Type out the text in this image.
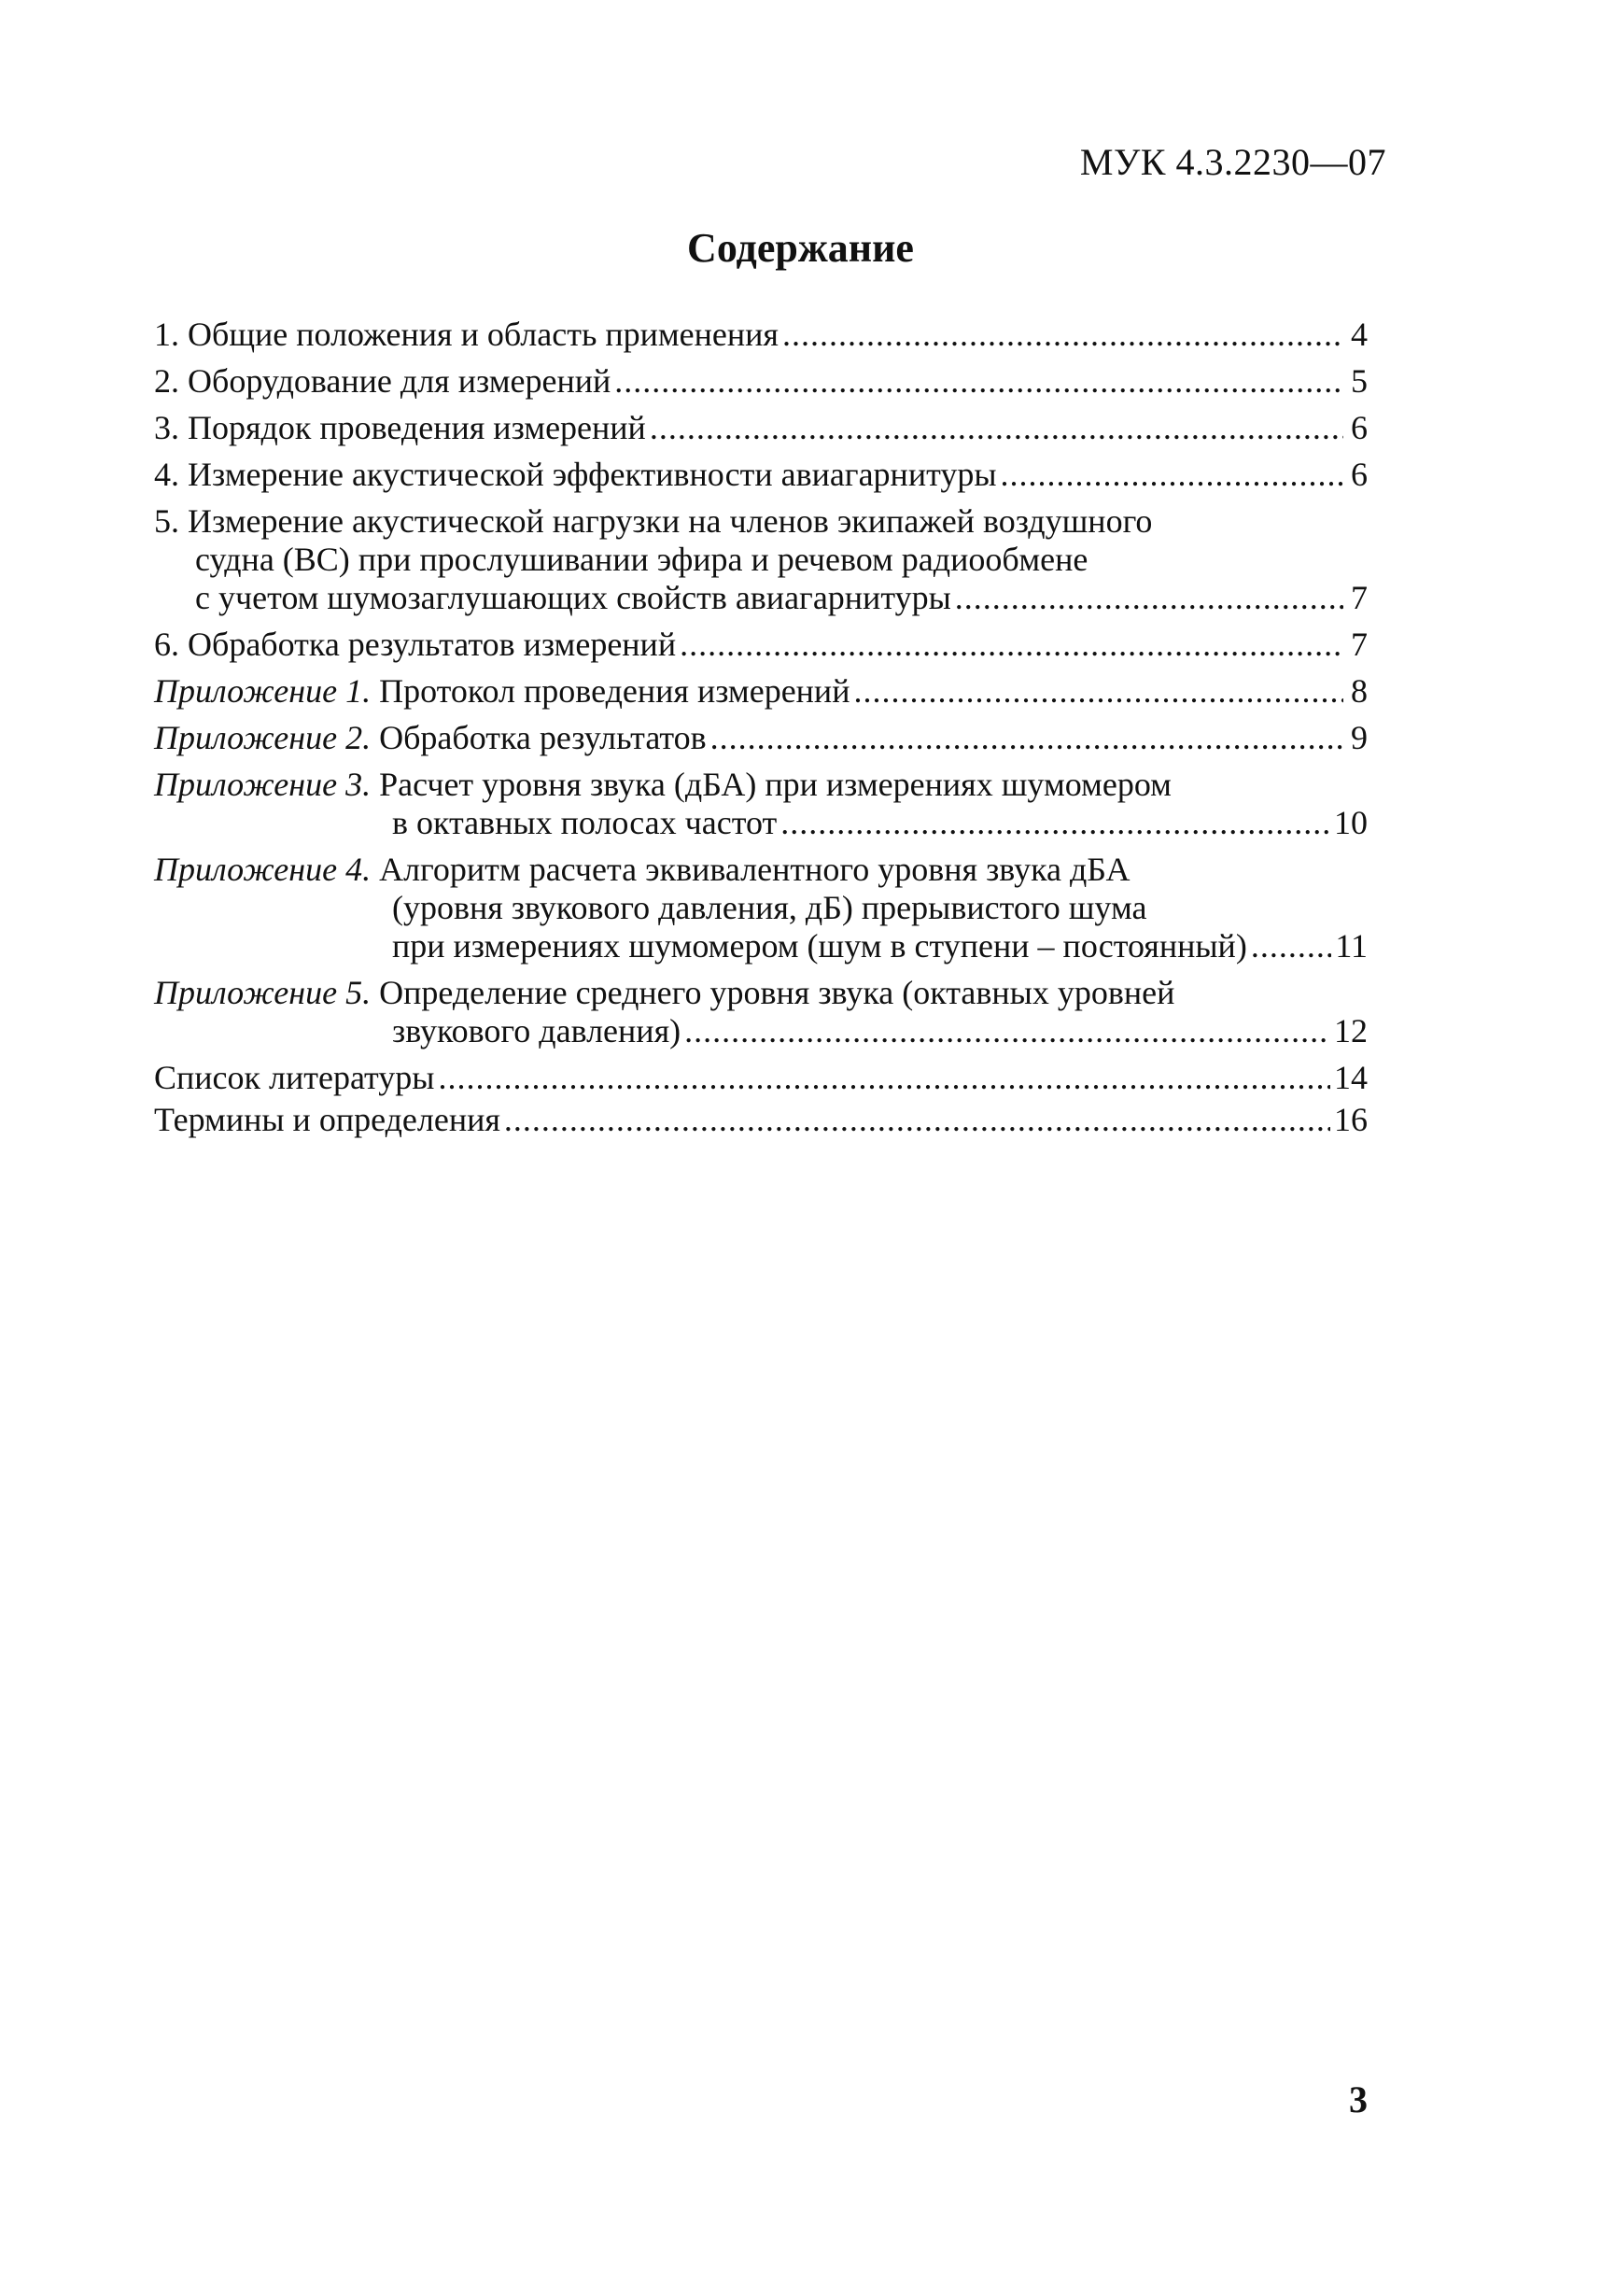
МУК 4.3.2230—07
Содержание
1. Общие положения и область применения .....	4
2. Оборудование для измерений .....	5
3. Порядок проведения измерений .....	6
4. Измерение акустической эффективности авиагарнитуры .....	6
5. Измерение акустической нагрузки на членов экипажей воздушного
судна (ВС) при прослушивании эфира и речевом радиообмене
с учетом шумозаглушающих свойств авиагарнитуры .....	7
6. Обработка результатов измерений .....	7
Приложение 1.
Протокол проведения измерений .....	8
Приложение 2.
Обработка результатов .....	9
Приложение 3.
Расчет уровня звука (дБА) при измерениях шумомером
в октавных полосах частот .....	10
Приложение 4.
Алгоритм расчета эквивалентного уровня звука дБА
(уровня звукового давления, дБ) прерывистого шума
при измерениях шумомером (шум в ступени – постоянный) .....	11
Приложение 5.
Определение среднего уровня звука (октавных уровней
звукового давления) .....	12
Список литературы .....	14
Термины и определения .....	16
3
